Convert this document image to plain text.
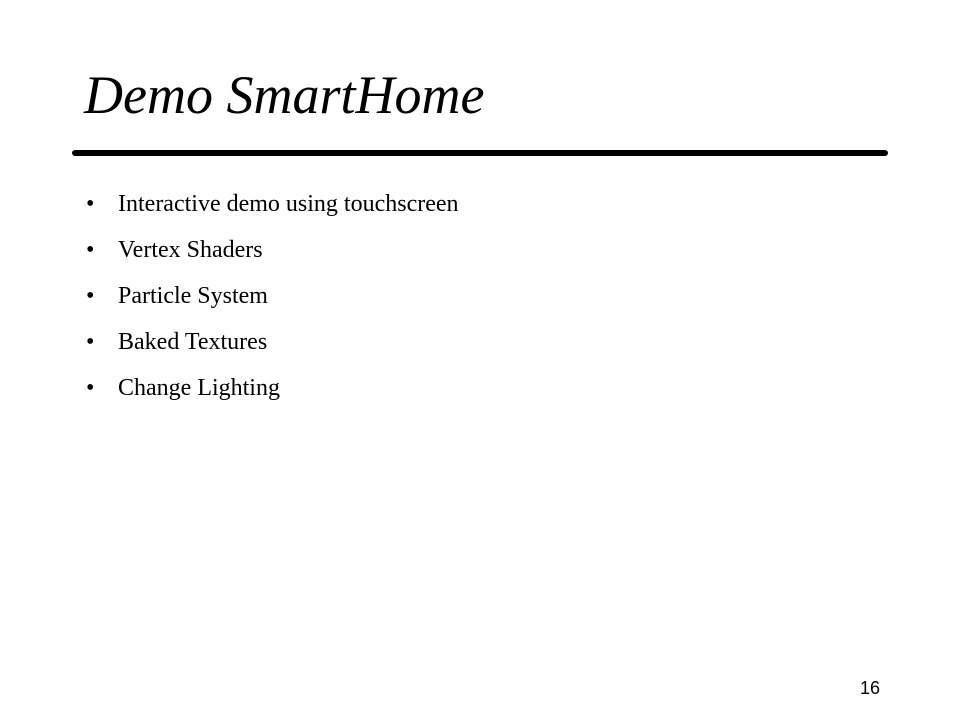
Demo SmartHome
• Interactive demo using touchscreen
• Vertex Shaders
• Particle System
• Baked Textures
• Change Lighting
16
